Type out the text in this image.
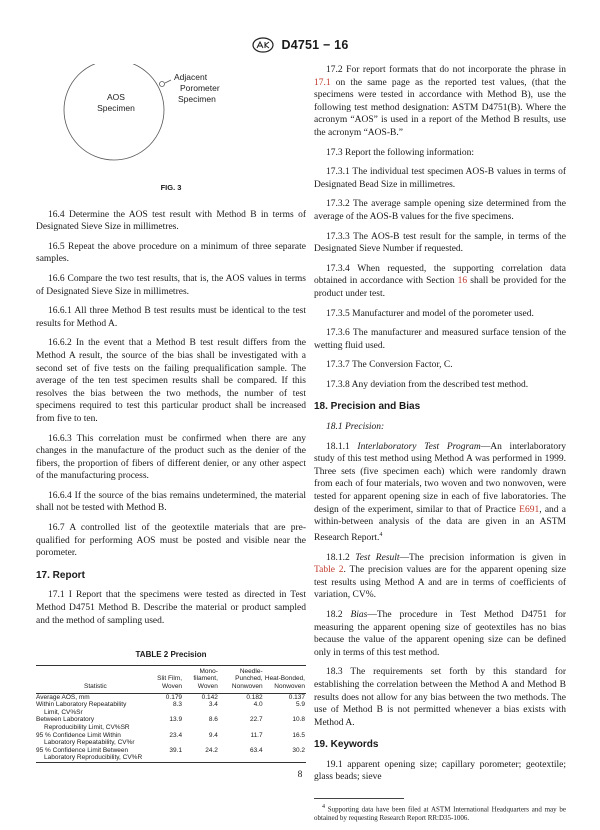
D4751 − 16
AOS
Specimen
Adjacent
Porometer
Specimen
FIG. 3

16.4 Determine the AOS test result with Method B in terms of Designated Sieve Size in millimetres.

16.5 Repeat the above procedure on a minimum of three separate samples.

16.6 Compare the two test results, that is, the AOS values in terms of Designated Sieve Size in millimetres.

16.6.1 All three Method B test results must be identical to the test results for Method A.

16.6.2 In the event that a Method B test result differs from the Method A result, the source of the bias shall be investigated with a second set of five tests on the failing prequalification sample. The average of the ten test specimen results shall be compared. If this resolves the bias between the two methods, the number of test specimens required to test this particular product shall be increased from five to ten.

16.6.3 This correlation must be confirmed when there are any changes in the manufacture of the product such as the denier of the fibers, the proportion of fibers of different denier, or any other aspect of the manufacturing process.

16.6.4 If the source of the bias remains undetermined, the material shall not be tested with Method B.

16.7 A controlled list of the geotextile materials that are pre-qualified for performing AOS must be posted and visible near the porometer.

17. Report

17.1 I Report that the specimens were tested as directed in Test Method D4751 Method B. Describe the material or product sampled and the method of sampling used.

TABLE 2 Precision
Statistic	Slit Film, Woven	Mono-filament, Woven	Needle-Punched, Nonwoven	Heat-Bonded, Nonwoven
Average AOS, mm	0.179	0.142	0.182	0.137
Within Laboratory Repeatability
Limit, CV%Sr	8.3	3.4	4.0	5.9
Between Laboratory
Reproducibility Limit, CV%SR	13.9	8.6	22.7	10.8
95 % Confidence Limit Within
Laboratory Repeatability, CV%r	23.4	9.4	11.7	16.5
95 % Confidence Limit Between
Laboratory Reproducibility, CV%R	39.1	24.2	63.4	30.2

17.2 For report formats that do not incorporate the phrase in 17.1 on the same page as the reported test values, (that the specimens were tested in accordance with Method B), use the following test method designation: ASTM D4751(B). Where the acronym “AOS” is used in a report of the Method B results, use the acronym “AOS-B.”

17.3 Report the following information:

17.3.1 The individual test specimen AOS-B values in terms of Designated Bead Size in millimetres.

17.3.2 The average sample opening size determined from the average of the AOS-B values for the five specimens.

17.3.3 The AOS-B test result for the sample, in terms of the Designated Sieve Number if requested.

17.3.4 When requested, the supporting correlation data obtained in accordance with Section 16 shall be provided for the product under test.

17.3.5 Manufacturer and model of the porometer used.

17.3.6 The manufacturer and measured surface tension of the wetting fluid used.

17.3.7 The Conversion Factor, C.

17.3.8 Any deviation from the described test method.

18. Precision and Bias

18.1 Precision:

18.1.1 Interlaboratory Test Program—An interlaboratory study of this test method using Method A was performed in 1999. Three sets (five specimen each) which were randomly drawn from each of four materials, two woven and two nonwoven, were tested for apparent opening size in each of five laboratories. The design of the experiment, similar to that of Practice E691, and a within-between analysis of the data are given in an ASTM Research Report.$^4$

18.1.2 Test Result—The precision information is given in Table 2. The precision values are for the apparent opening size test results using Method A and are in terms of coefficients of variation, CV%.

18.2 Bias—The procedure in Test Method D4751 for measuring the apparent opening size of geotextiles has no bias because the value of the apparent opening size can be defined only in terms of this test method.

18.3 The requirements set forth by this standard for establishing the correlation between the Method A and Method B results does not allow for any bias between the two methods. The use of Method B is not permitted whenever a bias exists with Method A.

19. Keywords

19.1 apparent opening size; capillary porometer; geotextile; glass beads; sieve

$^4$ Supporting data have been filed at ASTM International Headquarters and may be obtained by requesting Research Report RR:D35-1006.

8
